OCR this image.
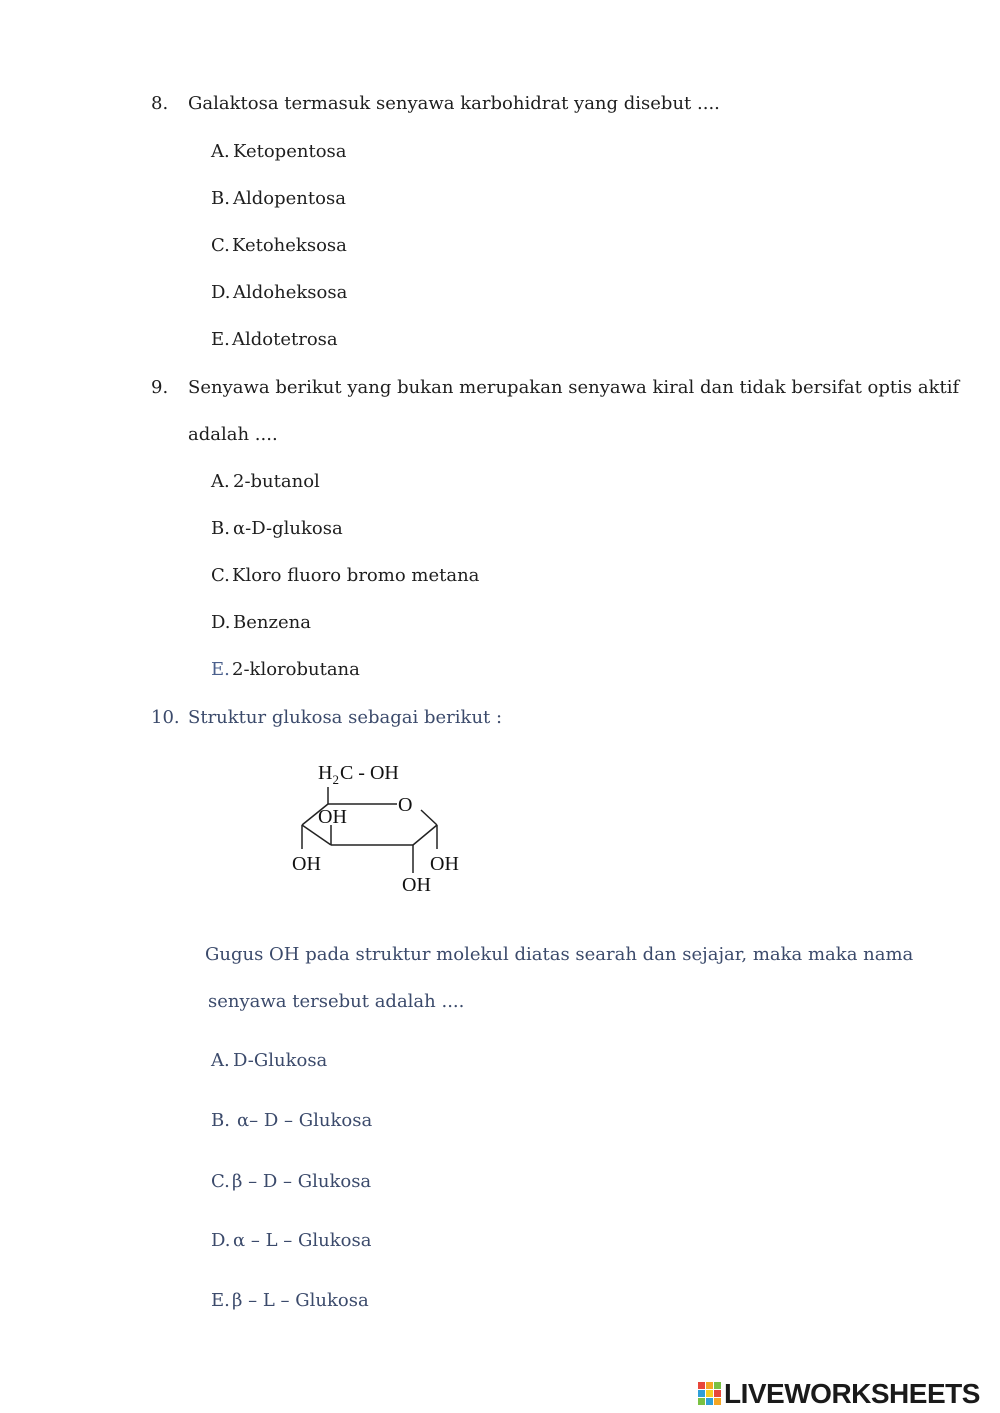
8. Galaktosa termasuk senyawa karbohidrat yang disebut ....
A. Ketopentosa
B. Aldopentosa
C. Ketoheksosa
D. Aldoheksosa
E. Aldotetrosa
9. Senyawa berikut yang bukan merupakan senyawa kiral dan tidak bersifat optis aktif
adalah ....
A. 2-butanol
B. α-D-glukosa
C. Kloro fluoro bromo metana
D. Benzena
E. 2-klorobutana
10. Struktur glukosa sebagai berikut :
$H_2C$ - OH
O
OH
OH	OH
OH
Gugus OH pada struktur molekul diatas searah dan sejajar, maka maka nama
senyawa tersebut adalah ....
A. D-Glukosa
B. α– D – Glukosa
C. β – D – Glukosa
D. α – L – Glukosa
E. β – L – Glukosa
LIVEWORKSHEETS
